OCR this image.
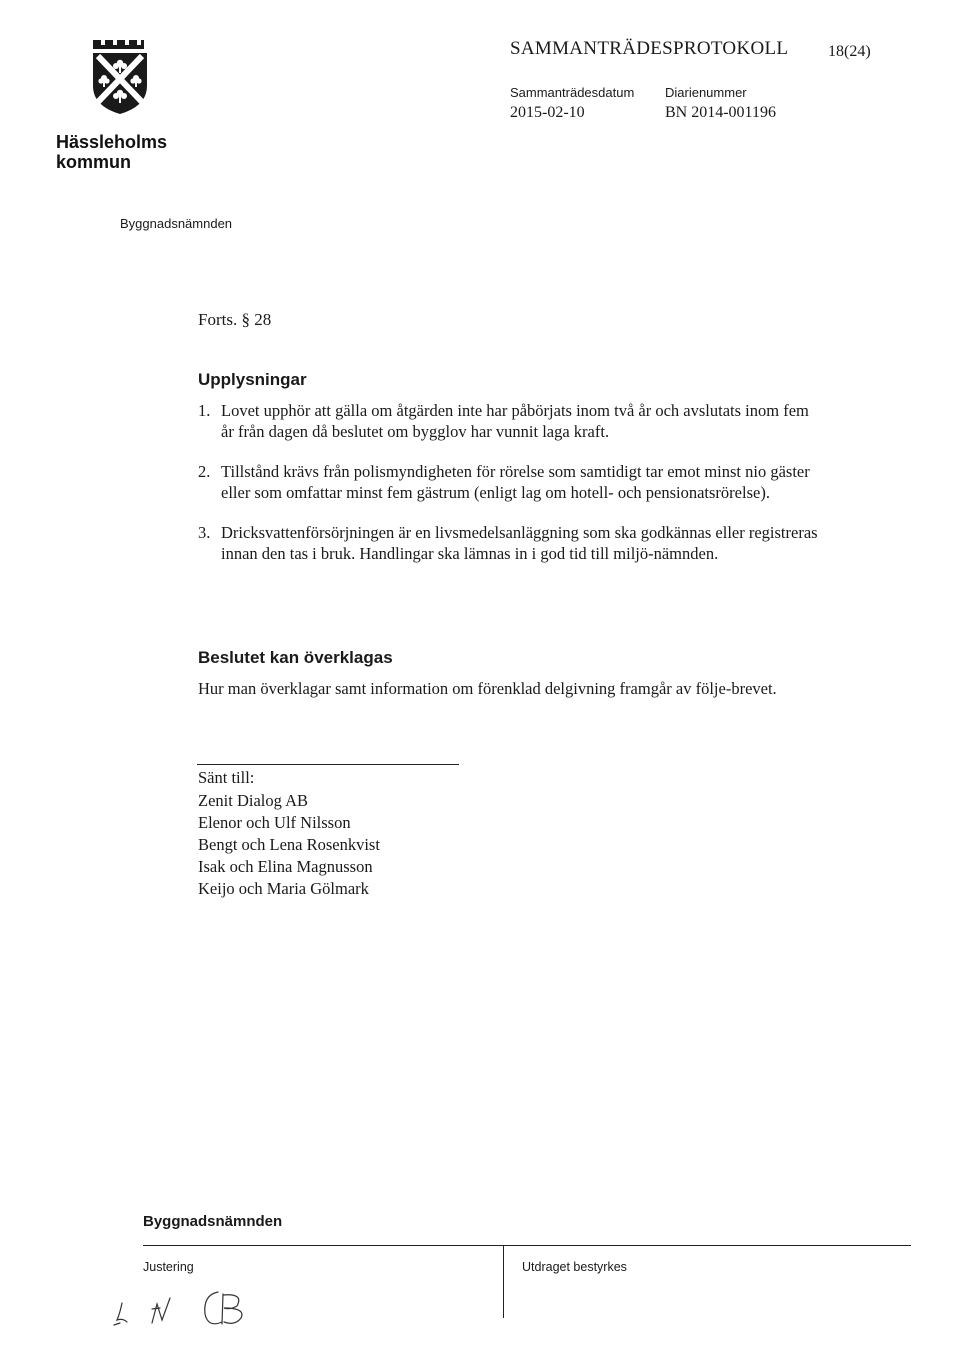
Hässleholms
kommun
SAMMANTRÄDESPROTOKOLL 18(24)
Sammanträdesdatum Diarienummer
2015-02-10	BN 2014-001196
Byggnadsnämnden
Forts. § 28
Upplysningar
1. Lovet upphör att gälla om åtgärden inte har påbörjats inom två år och avslutats inom fem år från dagen då beslutet om bygglov har vunnit laga kraft.
2. Tillstånd krävs från polismyndigheten för rörelse som samtidigt tar emot minst nio gäster eller som omfattar minst fem gästrum (enligt lag om hotell- och pensionatsrörelse).
3. Dricksvattenförsörjningen är en livsmedelsanläggning som ska godkännas eller registreras innan den tas i bruk. Handlingar ska lämnas in i god tid till miljö-nämnden.
Beslutet kan överklagas
Hur man överklagar samt information om förenklad delgivning framgår av följe-brevet.
Sänt till:
Zenit Dialog AB
Elenor och Ulf Nilsson
Bengt och Lena Rosenkvist
Isak och Elina Magnusson
Keijo och Maria Gölmark
Byggnadsnämnden
Justering	Utdraget bestyrkes
